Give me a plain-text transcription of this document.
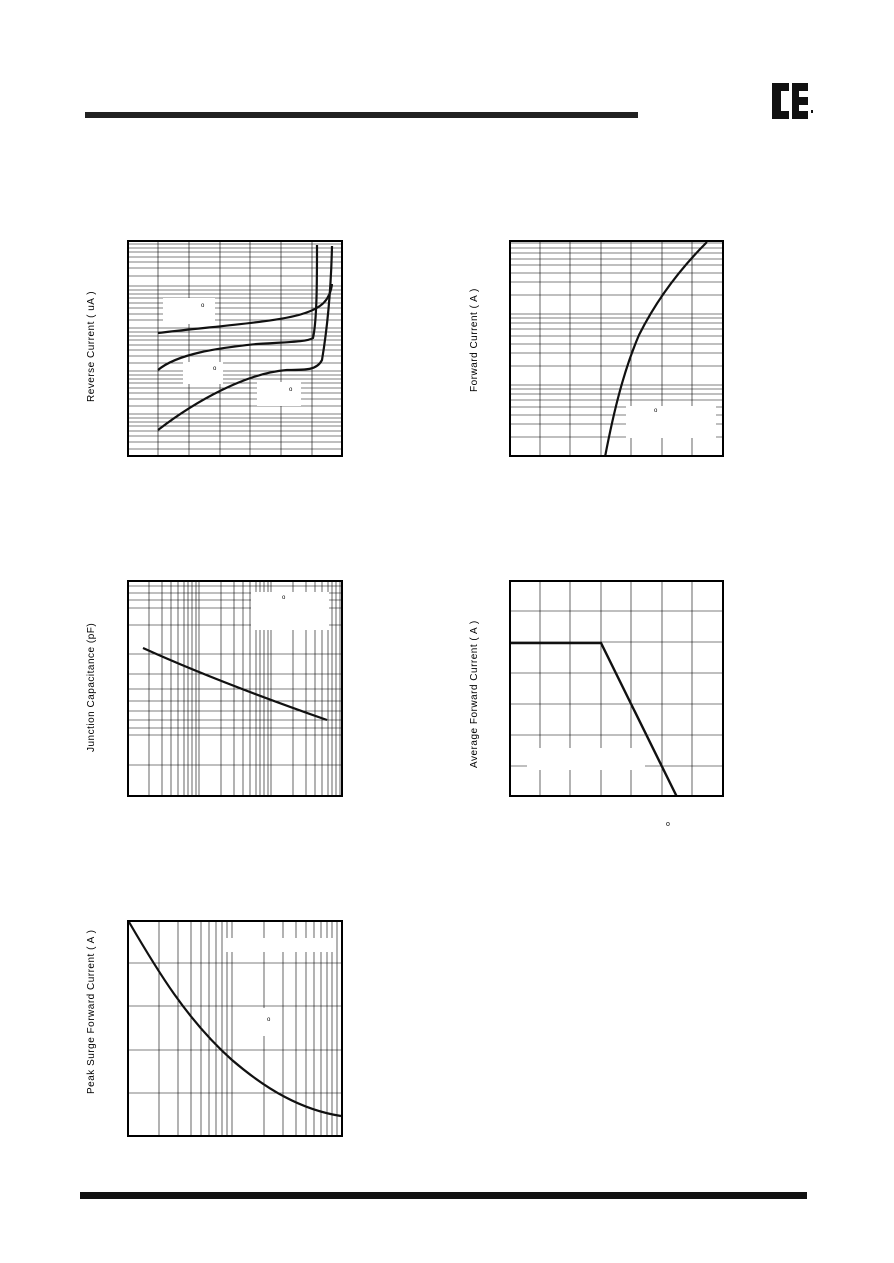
Reverse Current ( uA )	o
o
o	Forward Current ( A )
o
Junction Capacitance (pF)
o
Average Forward Current ( A )
o
Peak Surge Forward Current ( A )	o
